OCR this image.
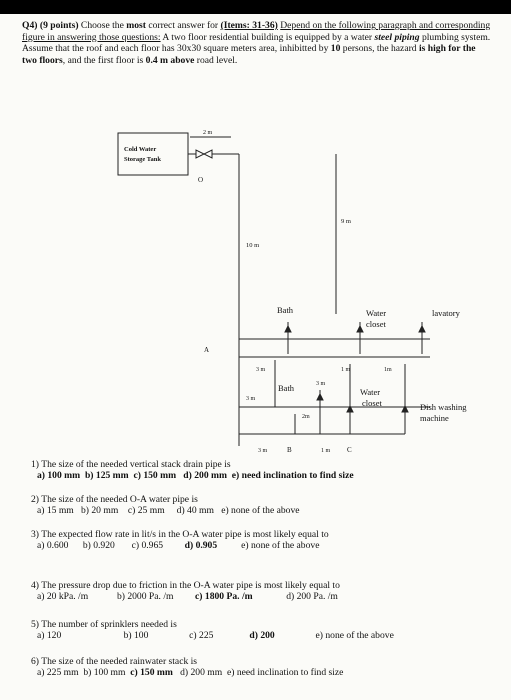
Q4) (9 points) Choose the most correct answer for (Items: 31-36) Depend on the following paragraph and corresponding figure in answering those questions: A two floor residential building is equipped by a water steel piping plumbing system. Assume that the roof and each floor has 30x30 square meters area, inhibitted by 10 persons, the hazard is high for the two floors, and the first floor is 0.4 m above road level.
Cold Water
Storage Tank
2 m
O
9 m
10 m
Bath	Water
closet
lavatory
A
3 m	1 m	1m
Bath	3 m
3 m
Water
closet	Dish washing
machine
2m
3 m	B	1 m C
1) The size of the needed vertical stack drain pipe is
a) 100 mm b) 125 mm c) 150 mm d) 200 mm e) need inclination to find size
2) The size of the needed O-A water pipe is
a) 15 mm b) 20 mm c) 25 mm d) 40 mm e) none of the above
3) The expected flow rate in lit/s in the O-A water pipe is most likely equal to
a) 0.600 b) 0.920 c) 0.965 d) 0.905 e) none of the above
4) The pressure drop due to friction in the O-A water pipe is most likely equal to
a) 20 kPa. /m	b) 2000 Pa. /m c) 1800 Pa. /m	d) 200 Pa. /m
5) The number of sprinklers needed is
a) 120	b) 100	c) 225	d) 200	e) none of the above
6) The size of the needed rainwater stack is
a) 225 mm b) 100 mm c) 150 mm d) 200 mm e) need inclination to find size
